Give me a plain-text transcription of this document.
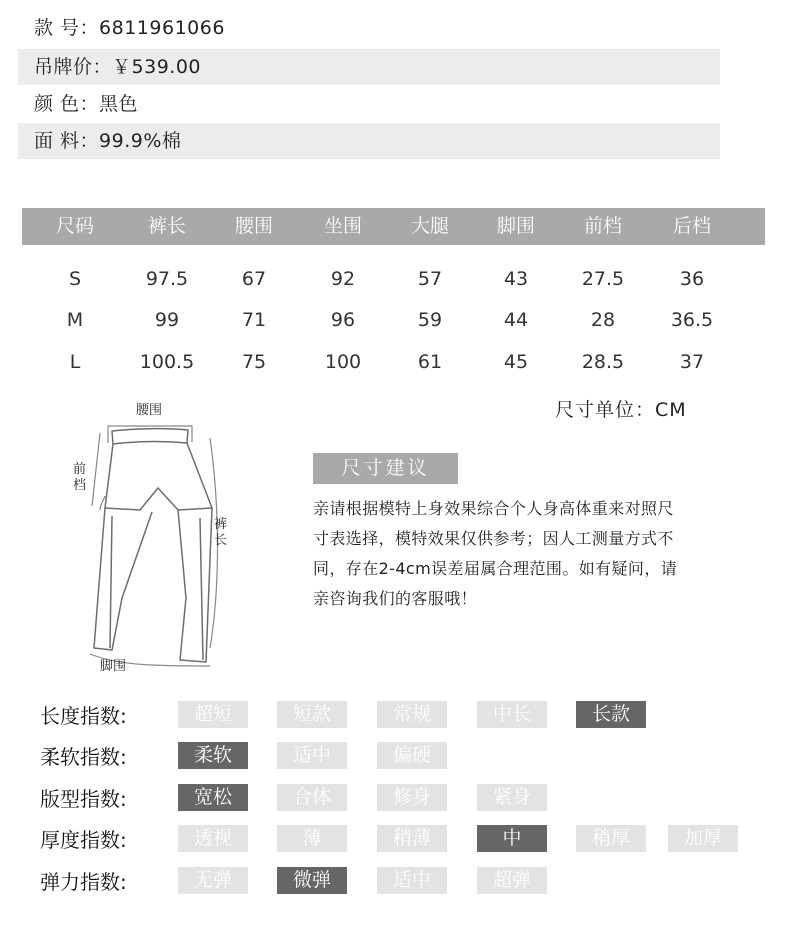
款 号：6811961066
吊牌价：￥539.00
颜 色：黑色
面 料：99.9%棉
尺码	裤长	腰围	坐围	大腿	脚围	前档	后档
S	97.5	67	92	57	43	27.5	36
M	99	71	96	59	44	28	36.5
L	100.5	75	100	61	45	28.5	37
尺寸单位：CM
腰围
前
档
裤
长
脚围
尺寸建议
亲请根据模特上身效果综合个人身高体重来对照尺
寸表选择，模特效果仅供参考；因人工测量方式不
同，存在2-4cm误差届属合理范围。如有疑问，请
亲咨询我们的客服哦！
长度指数:	超短	短款	常规	中长	长款
柔软指数:	柔软	适中	偏硬
版型指数:	宽松	合体	修身	紧身
厚度指数:	透视	薄	稍薄	中	稍厚	加厚
弹力指数:	无弹	微弹	适中	超弹
